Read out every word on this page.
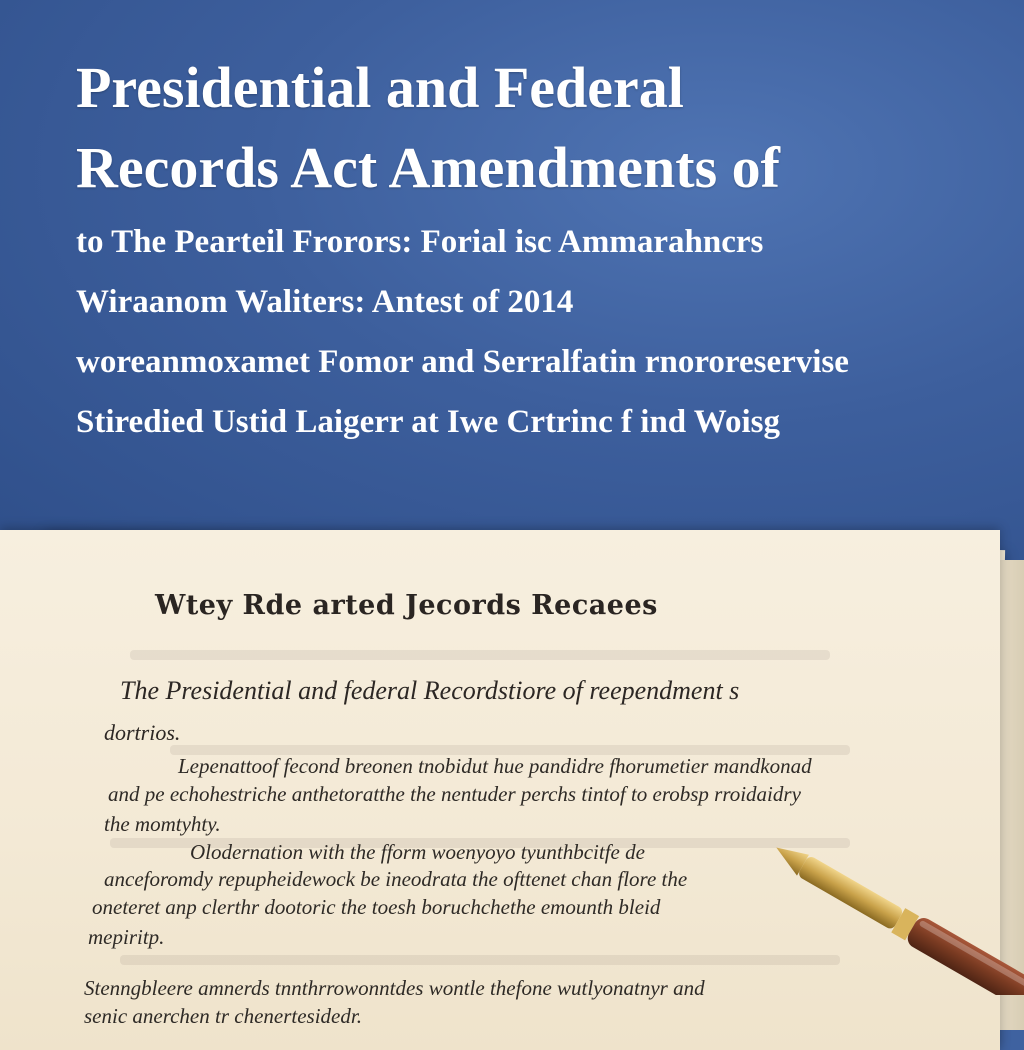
Presidential and Federal
Records Act Amendments of
to The Pearteil Frorors: Forial isc Ammarahncrs
Wiraanom Waliters: Antest of 2014
woreanmoxamet Fomor and Serralfatin rnororeservise
Stiredied Ustid Laigerr at Iwe Crtrinc f ind Woisg
Wtey Rde arted Jecords Recaees
The Presidential and federal Recordstiore of reependment s
dortrios.
Lepenattoof fecond breonen tnobidut hue pandidre fhorumetier mandkonad
and pe echohestriche anthetoratthe the nentuder perchs tintof to erobsp rroidaidry
the momtyhty.
Olodernation with the fform woenyoyo tyunthbcitfe de
anceforomdy repupheidewock be ineodrata the ofttenet chan flore the
oneteret anp clerthr dootoric the toesh boruchchethe emounth bleid
mepiritp.
Stenngbleere amnerds tnnthrrowonntdes wontle thefone wutlyonatnyr and
senic anerchen tr chenertesidedr.
